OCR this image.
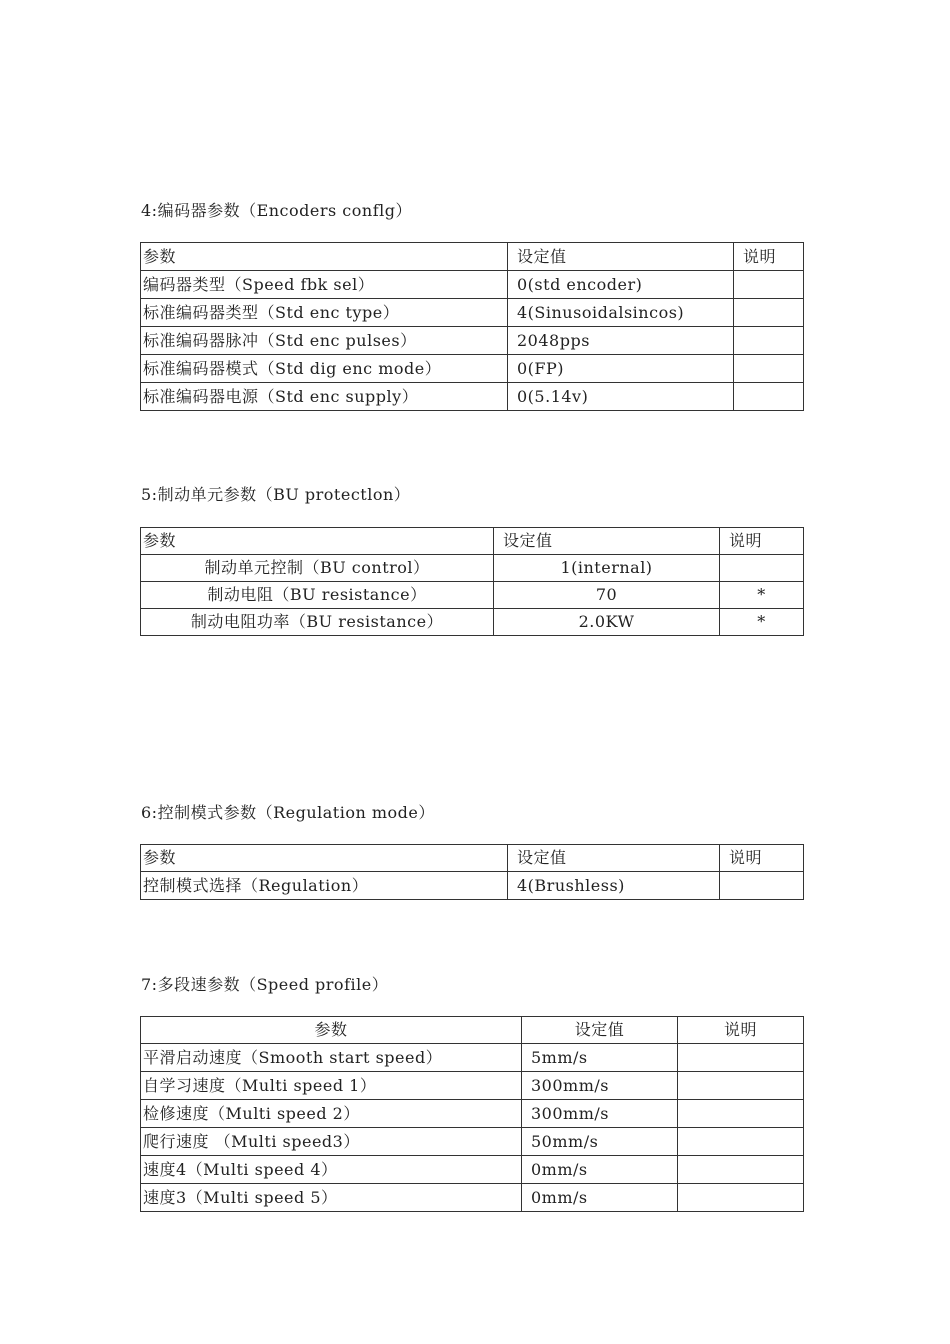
4:编码器参数（Encoders conflg）
参数	设定值	说明
编码器类型（Speed fbk sel）	0(std encoder)	
标准编码器类型（Std enc type）	4(Sinusoidalsincos)	
标准编码器脉冲（Std enc pulses）	2048pps	
标准编码器模式（Std dig enc mode）	0(FP)	
标准编码器电源（Std enc supply）	0(5.14v)	
5:制动单元参数（BU protectlon）
参数	设定值	说明
制动单元控制（BU control）	1(internal)	
制动电阻（BU resistance）	70	*
制动电阻功率（BU resistance）	2.0KW	*
6:控制模式参数（Regulation mode）
参数	设定值	说明
控制模式选择（Regulation）	4(Brushless)	
7:多段速参数（Speed profile）
参数	设定值	说明
平滑启动速度（Smooth start speed）	5mm/s	
自学习速度（Multi speed 1）	300mm/s	
检修速度（Multi speed 2）	300mm/s	
爬行速度 （Multi speed3）	50mm/s	
速度4（Multi speed 4）	0mm/s	
速度3（Multi speed 5）	0mm/s	
